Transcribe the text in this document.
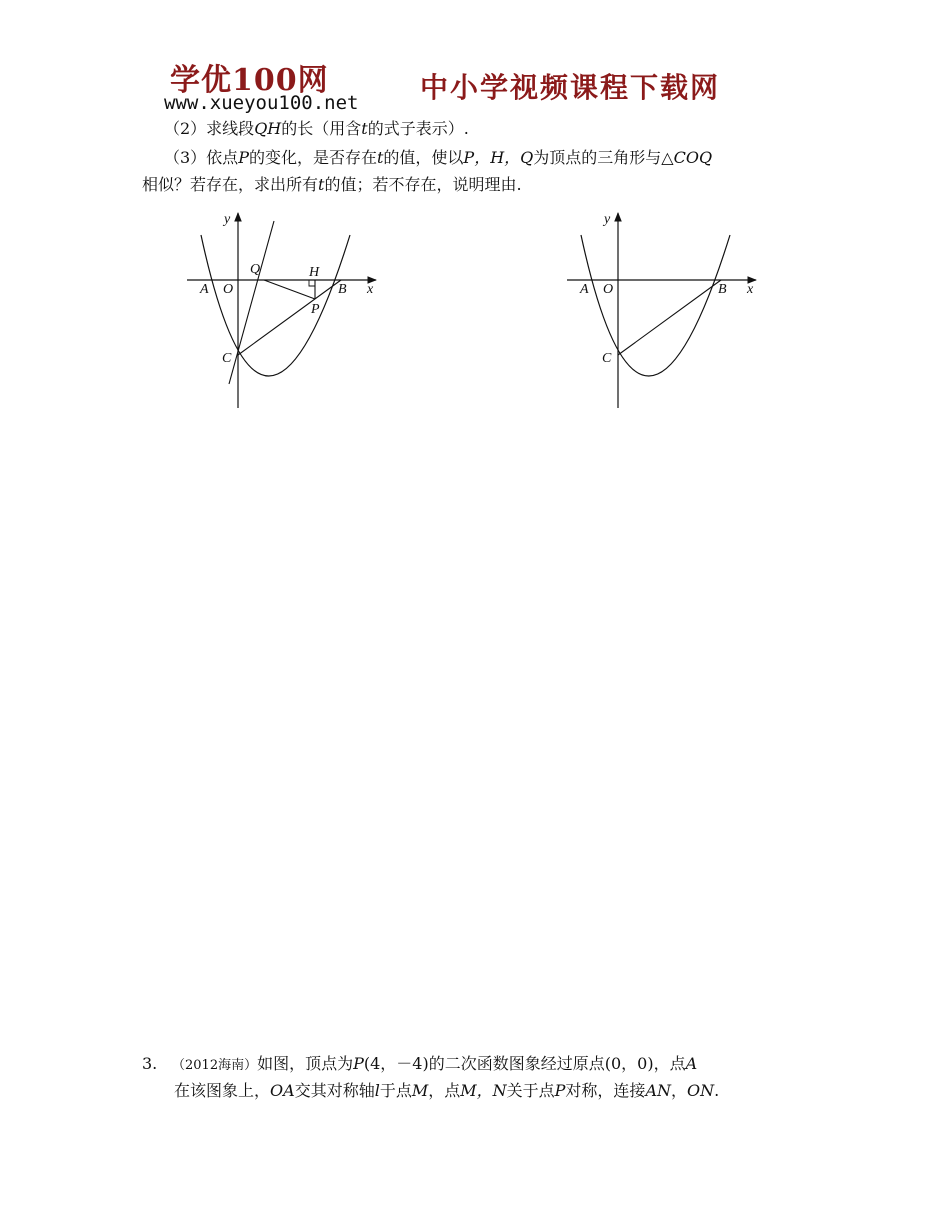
学优100网	中小学视频课程下载网
www.xueyou100.net
（2）求线段QH的长（用含t的式子表示）.
（3）依点P的变化，是否存在t的值，使以P，H，Q为顶点的三角形与△COQ
相似？若存在，求出所有t的值；若不存在，说明理由.
y
x
A O	B
C
Q	H
P
y
x
A O	B
C
3. （2012海南）如图，顶点为P(4，－4)的二次函数图象经过原点(0，0)，点A
在该图象上，OA交其对称轴l于点M，点M，N关于点P对称，连接AN，ON.
